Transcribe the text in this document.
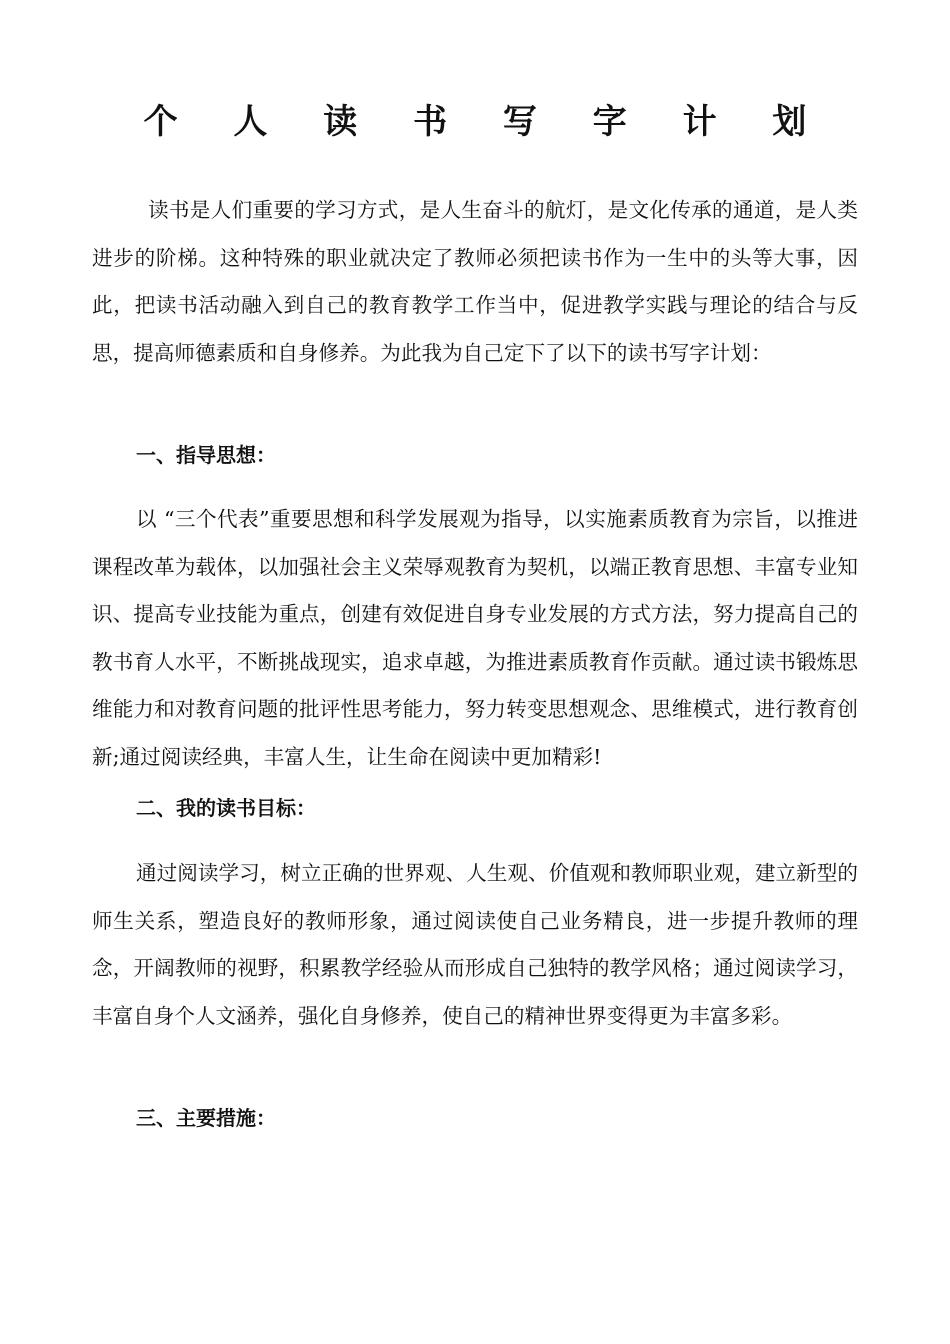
个 人 读 书 写 字 计 划

读书是人们重要的学习方式，是人生奋斗的航灯，是文化传承的通道，是人类进步的阶梯。这种特殊的职业就决定了教师必须把读书作为一生中的头等大事，因此，把读书活动融入到自己的教育教学工作当中，促进教学实践与理论的结合与反思，提高师德素质和自身修养。为此我为自己定下了以下的读书写字计划：

一、指导思想：

以 “三个代表”重要思想和科学发展观为指导，以实施素质教育为宗旨，以推进课程改革为载体，以加强社会主义荣辱观教育为契机，以端正教育思想、丰富专业知识、提高专业技能为重点，创建有效促进自身专业发展的方式方法，努力提高自己的教书育人水平，不断挑战现实，追求卓越，为推进素质教育作贡献。通过读书锻炼思维能力和对教育问题的批评性思考能力，努力转变思想观念、思维模式，进行教育创新;通过阅读经典，丰富人生，让生命在阅读中更加精彩!

二、我的读书目标：

通过阅读学习，树立正确的世界观、人生观、价值观和教师职业观，建立新型的师生关系，塑造良好的教师形象，通过阅读使自己业务精良，进一步提升教师的理念，开阔教师的视野，积累教学经验从而形成自己独特的教学风格；通过阅读学习，丰富自身个人文涵养，强化自身修养，使自己的精神世界变得更为丰富多彩。

三、主要措施：
